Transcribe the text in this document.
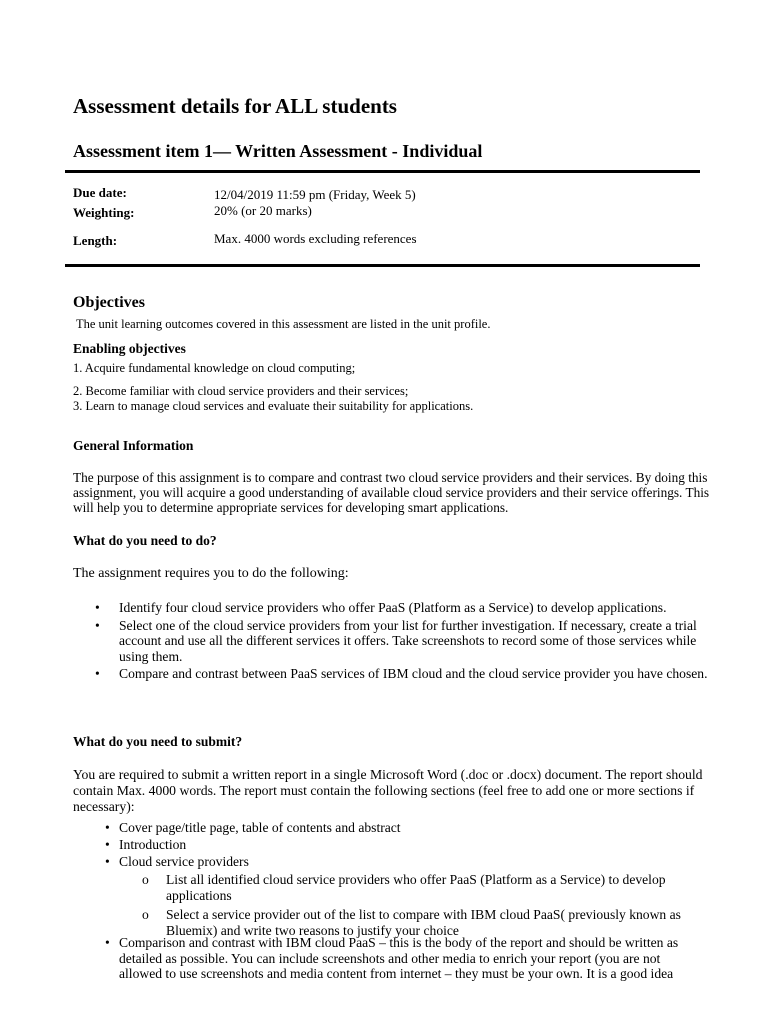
Assessment details for ALL students
Assessment item 1— Written Assessment - Individual
Due date:	12/04/2019 11:59 pm (Friday, Week 5)
Weighting:	20% (or 20 marks)
Length:	Max. 4000 words excluding references
Objectives
The unit learning outcomes covered in this assessment are listed in the unit profile.
Enabling objectives
1. Acquire fundamental knowledge on cloud computing;
2. Become familiar with cloud service providers and their services;
3. Learn to manage cloud services and evaluate their suitability for applications.
General Information
The purpose of this assignment is to compare and contrast two cloud service providers and their services. By doing this assignment, you will acquire a good understanding of available cloud service providers and their service offerings. This will help you to determine appropriate services for developing smart applications.
What do you need to do?
The assignment requires you to do the following:
• Identify four cloud service providers who offer PaaS (Platform as a Service) to develop applications.
• Select one of the cloud service providers from your list for further investigation. If necessary, create a trial account and use all the different services it offers. Take screenshots to record some of those services while using them.
• Compare and contrast between PaaS services of IBM cloud and the cloud service provider you have chosen.
What do you need to submit?
You are required to submit a written report in a single Microsoft Word (.doc or .docx) document. The report should contain Max. 4000 words. The report must contain the following sections (feel free to add one or more sections if necessary):
• Cover page/title page, table of contents and abstract
• Introduction
• Cloud service providers
o List all identified cloud service providers who offer PaaS (Platform as a Service) to develop applications
o Select a service provider out of the list to compare with IBM cloud PaaS( previously known as Bluemix) and write two reasons to justify your choice
• Comparison and contrast with IBM cloud PaaS – this is the body of the report and should be written as detailed as possible. You can include screenshots and other media to enrich your report (you are not allowed to use screenshots and media content from internet – they must be your own. It is a good idea
